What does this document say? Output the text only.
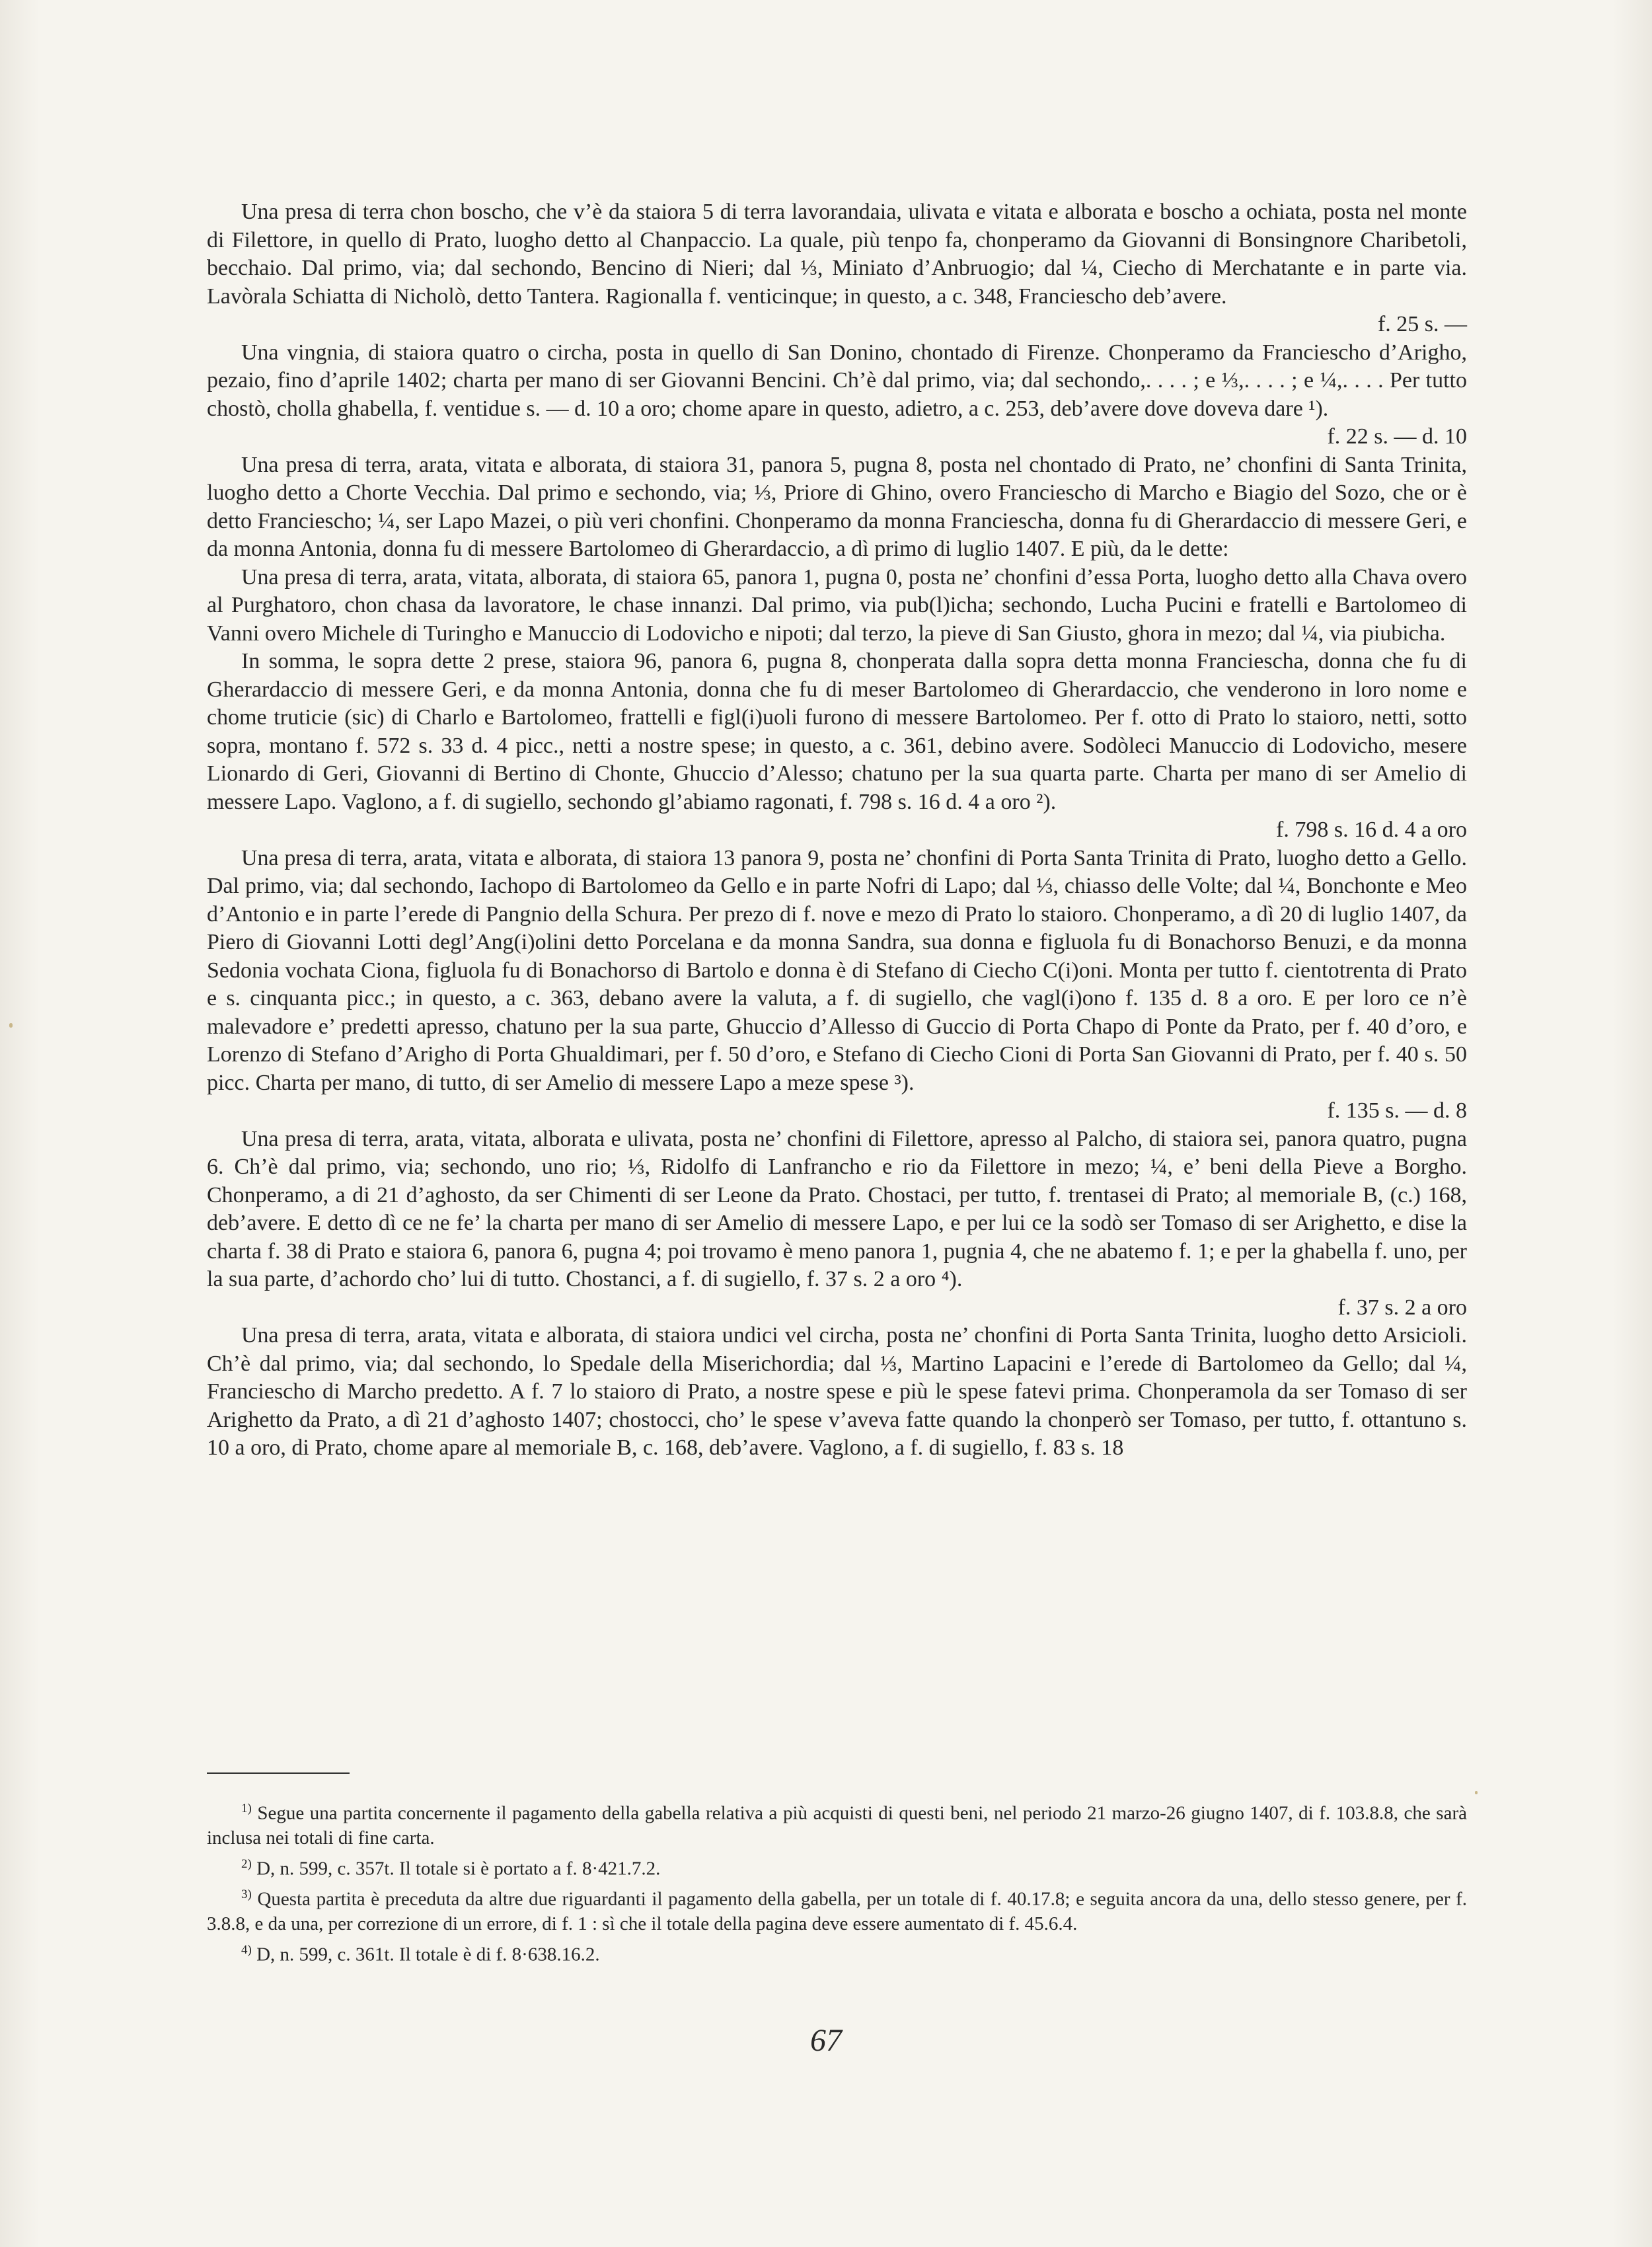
Una presa di terra chon boscho, che v’è da staiora 5 di terra lavorandaia, ulivata e vitata e alborata e boscho a ochiata, posta nel monte di Filettore, in quello di Prato, luogho detto al Chanpaccio. La quale, più tenpo fa, chonperamo da Giovanni di Bonsingnore Charibetoli, becchaio. Dal primo, via; dal sechondo, Bencino di Nieri; dal ⅓, Miniato d’Anbruogio; dal ¼, Ciecho di Merchatante e in parte via. Lavòrala Schiatta di Nicholò, detto Tantera. Ragionalla f. venticinque; in questo, a c. 348, Franciescho deb’avere.
f. 25 s. —

Una vingnia, di staiora quatro o circha, posta in quello di San Donino, chontado di Firenze. Chonperamo da Franciescho d’Arigho, pezaio, fino d’aprile 1402; charta per mano di ser Giovanni Bencini. Ch’è dal primo, via; dal sechondo,. . . . ; e ⅓,. . . . ; e ¼,. . . . Per tutto chostò, cholla ghabella, f. ventidue s. — d. 10 a oro; chome apare in questo, adietro, a c. 253, deb’avere dove doveva dare ¹).
f. 22 s. — d. 10

Una presa di terra, arata, vitata e alborata, di staiora 31, panora 5, pugna 8, posta nel chontado di Prato, ne’ chonfini di Santa Trinita, luogho detto a Chorte Vecchia. Dal primo e sechondo, via; ⅓, Priore di Ghino, overo Franciescho di Marcho e Biagio del Sozo, che or è detto Franciescho; ¼, ser Lapo Mazei, o più veri chonfini. Chonperamo da monna Franciescha, donna fu di Gherardaccio di messere Geri, e da monna Antonia, donna fu di messere Bartolomeo di Gherardaccio, a dì primo di luglio 1407. E più, da le dette:

Una presa di terra, arata, vitata, alborata, di staiora 65, panora 1, pugna 0, posta ne’ chonfini d’essa Porta, luogho detto alla Chava overo al Purghatoro, chon chasa da lavoratore, le chase innanzi. Dal primo, via pub(l)icha; sechondo, Lucha Pucini e fratelli e Bartolomeo di Vanni overo Michele di Turingho e Manuccio di Lodovicho e nipoti; dal terzo, la pieve di San Giusto, ghora in mezo; dal ¼, via piubicha.

In somma, le sopra dette 2 prese, staiora 96, panora 6, pugna 8, chonperata dalla sopra detta monna Franciescha, donna che fu di Gherardaccio di messere Geri, e da monna Antonia, donna che fu di meser Bartolomeo di Gherardaccio, che venderono in loro nome e chome truticie (sic) di Charlo e Bartolomeo, frattelli e figl(i)uoli furono di messere Bartolomeo. Per f. otto di Prato lo staioro, netti, sotto sopra, montano f. 572 s. 33 d. 4 picc., netti a nostre spese; in questo, a c. 361, debino avere. Sodòleci Manuccio di Lodovicho, mesere Lionardo di Geri, Giovanni di Bertino di Chonte, Ghuccio d’Alesso; chatuno per la sua quarta parte. Charta per mano di ser Amelio di messere Lapo. Vaglono, a f. di sugiello, sechondo gl’abiamo ragonati, f. 798 s. 16 d. 4 a oro ²).
f. 798 s. 16 d. 4 a oro

Una presa di terra, arata, vitata e alborata, di staiora 13 panora 9, posta ne’ chonfini di Porta Santa Trinita di Prato, luogho detto a Gello. Dal primo, via; dal sechondo, Iachopo di Bartolomeo da Gello e in parte Nofri di Lapo; dal ⅓, chiasso delle Volte; dal ¼, Bonchonte e Meo d’Antonio e in parte l’erede di Pangnio della Schura. Per prezo di f. nove e mezo di Prato lo staioro. Chonperamo, a dì 20 di luglio 1407, da Piero di Giovanni Lotti degl’Ang(i)olini detto Porcelana e da monna Sandra, sua donna e figluola fu di Bonachorso Benuzi, e da monna Sedonia vochata Ciona, figluola fu di Bonachorso di Bartolo e donna è di Stefano di Ciecho C(i)oni. Monta per tutto f. cientotrenta di Prato e s. cinquanta picc.; in questo, a c. 363, debano avere la valuta, a f. di sugiello, che vagl(i)ono f. 135 d. 8 a oro. E per loro ce n’è malevadore e’ predetti apresso, chatuno per la sua parte, Ghuccio d’Allesso di Guccio di Porta Chapo di Ponte da Prato, per f. 40 d’oro, e Lorenzo di Stefano d’Arigho di Porta Ghualdimari, per f. 50 d’oro, e Stefano di Ciecho Cioni di Porta San Giovanni di Prato, per f. 40 s. 50 picc. Charta per mano, di tutto, di ser Amelio di messere Lapo a meze spese ³).
f. 135 s. — d. 8

Una presa di terra, arata, vitata, alborata e ulivata, posta ne’ chonfini di Filettore, apresso al Palcho, di staiora sei, panora quatro, pugna 6. Ch’è dal primo, via; sechondo, uno rio; ⅓, Ridolfo di Lanfrancho e rio da Filettore in mezo; ¼, e’ beni della Pieve a Borgho. Chonperamo, a di 21 d’aghosto, da ser Chimenti di ser Leone da Prato. Chostaci, per tutto, f. trentasei di Prato; al memoriale B, (c.) 168, deb’avere. E detto dì ce ne fe’ la charta per mano di ser Amelio di messere Lapo, e per lui ce la sodò ser Tomaso di ser Arighetto, e dise la charta f. 38 di Prato e staiora 6, panora 6, pugna 4; poi trovamo è meno panora 1, pugnia 4, che ne abatemo f. 1; e per la ghabella f. uno, per la sua parte, d’achordo cho’ lui di tutto. Chostanci, a f. di sugiello, f. 37 s. 2 a oro ⁴).
f. 37 s. 2 a oro

Una presa di terra, arata, vitata e alborata, di staiora undici vel circha, posta ne’ chonfini di Porta Santa Trinita, luogho detto Arsicioli. Ch’è dal primo, via; dal sechondo, lo Spedale della Miserichordia; dal ⅓, Martino Lapacini e l’erede di Bartolomeo da Gello; dal ¼, Franciescho di Marcho predetto. A f. 7 lo staioro di Prato, a nostre spese e più le spese fatevi prima. Chonperamola da ser Tomaso di ser Arighetto da Prato, a dì 21 d’aghosto 1407; chostocci, cho’ le spese v’aveva fatte quando la chonperò ser Tomaso, per tutto, f. ottantuno s. 10 a oro, di Prato, chome apare al memoriale B, c. 168, deb’avere. Vaglono, a f. di sugiello, f. 83 s. 18

$^{1)}$ Segue una partita concernente il pagamento della gabella relativa a più acquisti di questi beni, nel periodo 21 marzo-26 giugno 1407, di f. 103.8.8, che sarà inclusa nei totali di fine carta.

$^{2)}$ D, n. 599, c. 357t. Il totale si è portato a f. 8·421.7.2.

$^{3)}$ Questa partita è preceduta da altre due riguardanti il pagamento della gabella, per un totale di f. 40.17.8; e seguita ancora da una, dello stesso genere, per f. 3.8.8, e da una, per correzione di un errore, di f. 1 : sì che il totale della pagina deve essere aumentato di f. 45.6.4.

$^{4)}$ D, n. 599, c. 361t. Il totale è di f. 8·638.16.2.

67
